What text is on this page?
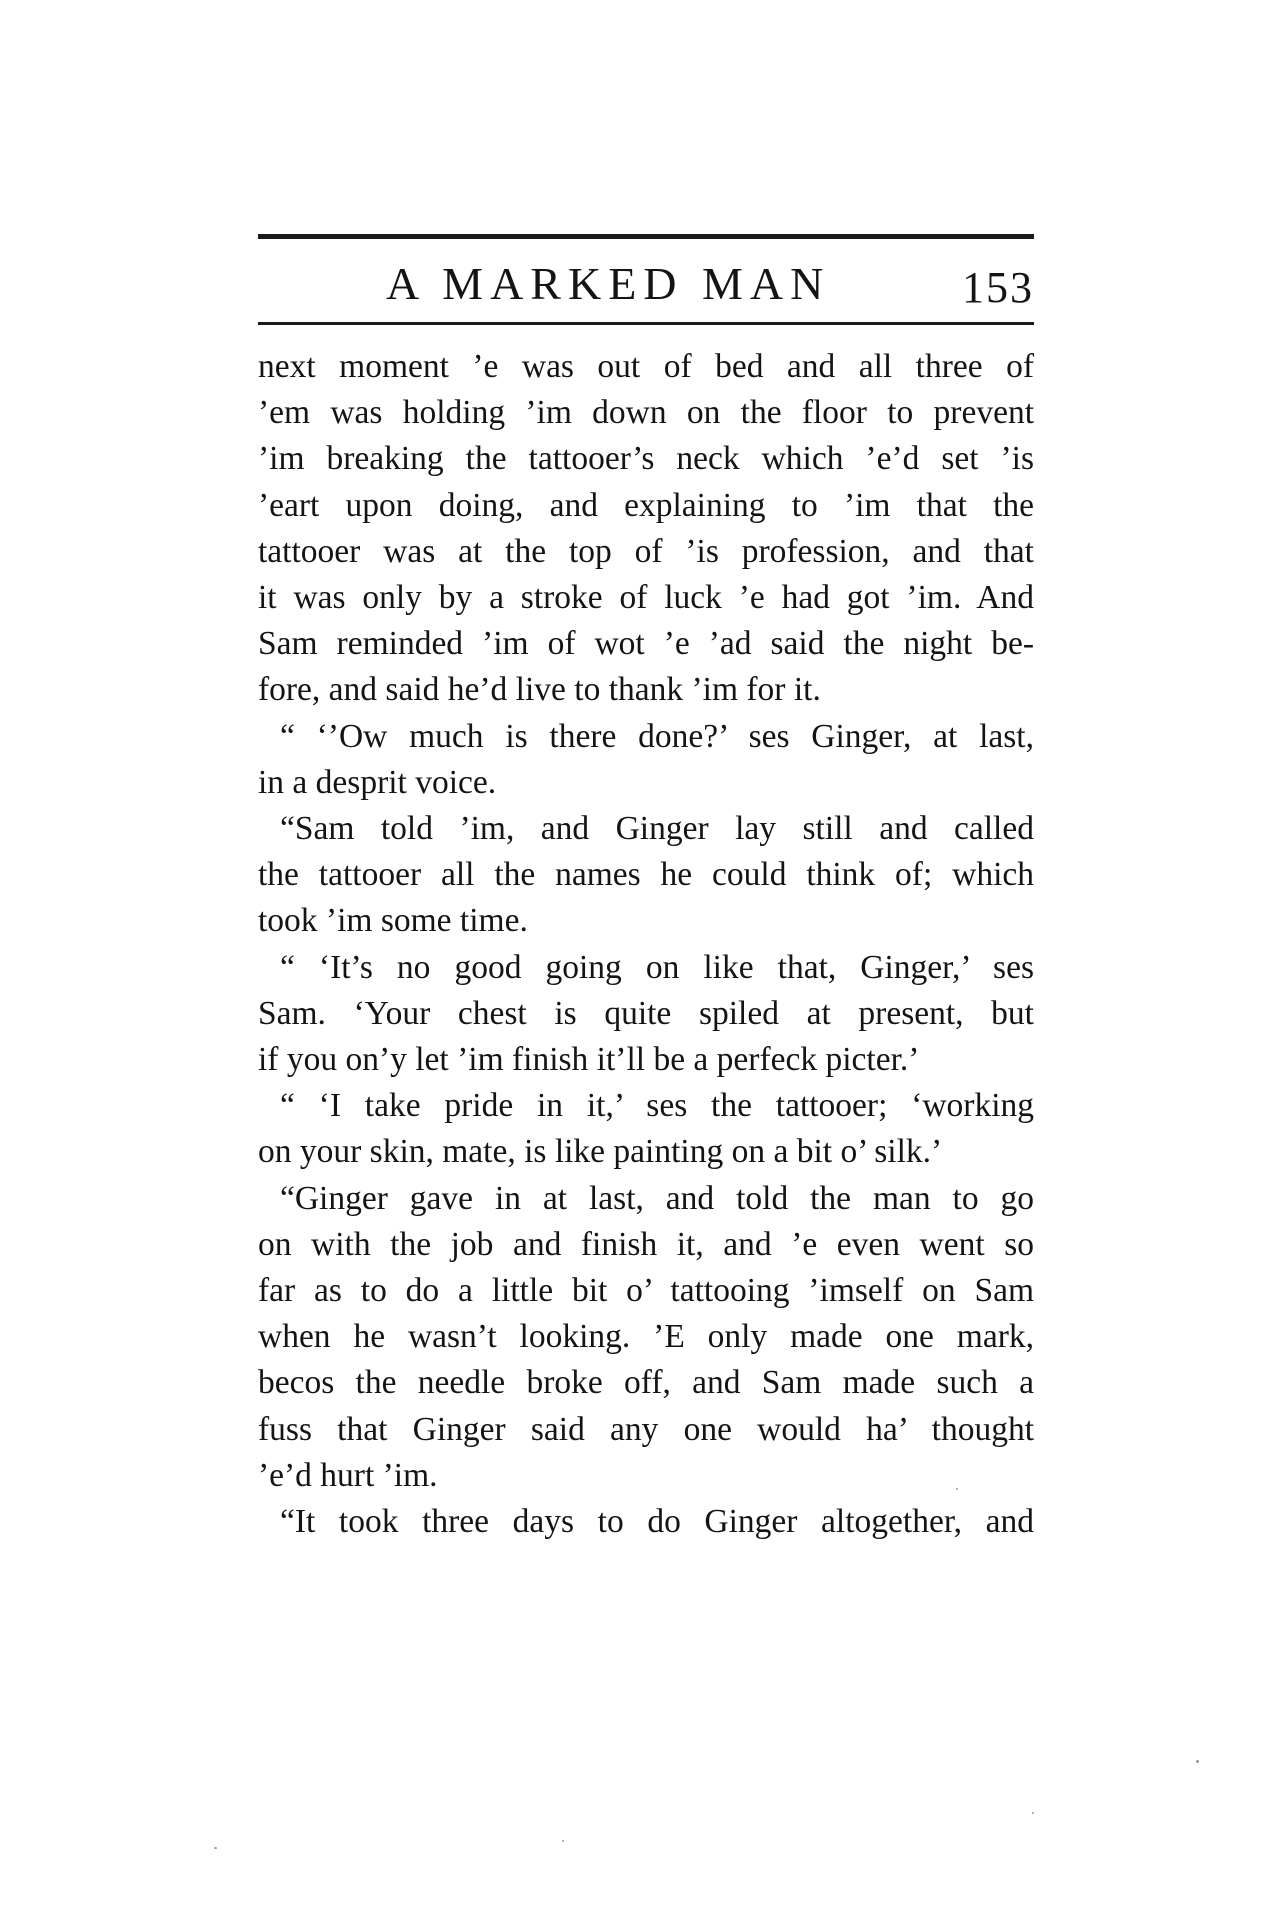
A MARKED MAN	153

next moment ’e was out of bed and all three of
’em was holding ’im down on the floor to prevent
’im breaking the tattooer’s neck which ’e’d set ’is
’eart upon doing, and explaining to ’im that the
tattooer was at the top of ’is profession, and that
it was only by a stroke of luck ’e had got ’im. And
Sam reminded ’im of wot ’e ’ad said the night be-
fore, and said he’d live to thank ’im for it.

“ ‘’Ow much is there done?’ ses Ginger, at last,
in a desprit voice.

“Sam told ’im, and Ginger lay still and called
the tattooer all the names he could think of; which
took ’im some time.

“ ‘It’s no good going on like that, Ginger,’ ses
Sam. ‘Your chest is quite spiled at present, but
if you on’y let ’im finish it’ll be a perfeck picter.’

“ ‘I take pride in it,’ ses the tattooer; ‘working
on your skin, mate, is like painting on a bit o’ silk.’

“Ginger gave in at last, and told the man to go
on with the job and finish it, and ’e even went so
far as to do a little bit o’ tattooing ’imself on Sam
when he wasn’t looking. ’E only made one mark,
becos the needle broke off, and Sam made such a
fuss that Ginger said any one would ha’ thought
’e’d hurt ’im.

“It took three days to do Ginger altogether, and
